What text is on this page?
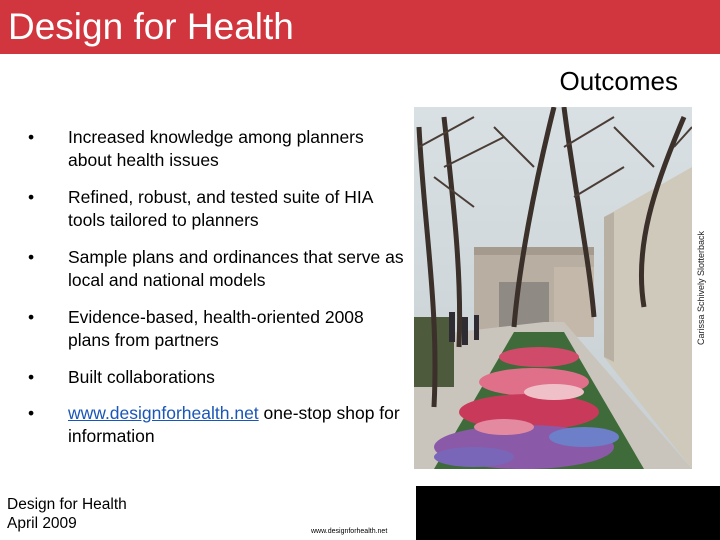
Design for Health
Outcomes
•	Increased knowledge among planners about health issues
•	Refined, robust, and tested suite of HIA tools tailored to planners
•	Sample plans and ordinances that serve as local and national models
•	Evidence-based, health-oriented 2008 plans from partners
•	Built collaborations
•	www.designforhealth.net one-stop shop for information
Carissa Schively Slotterback
Design for Health
April 2009	www.designforhealth.net
